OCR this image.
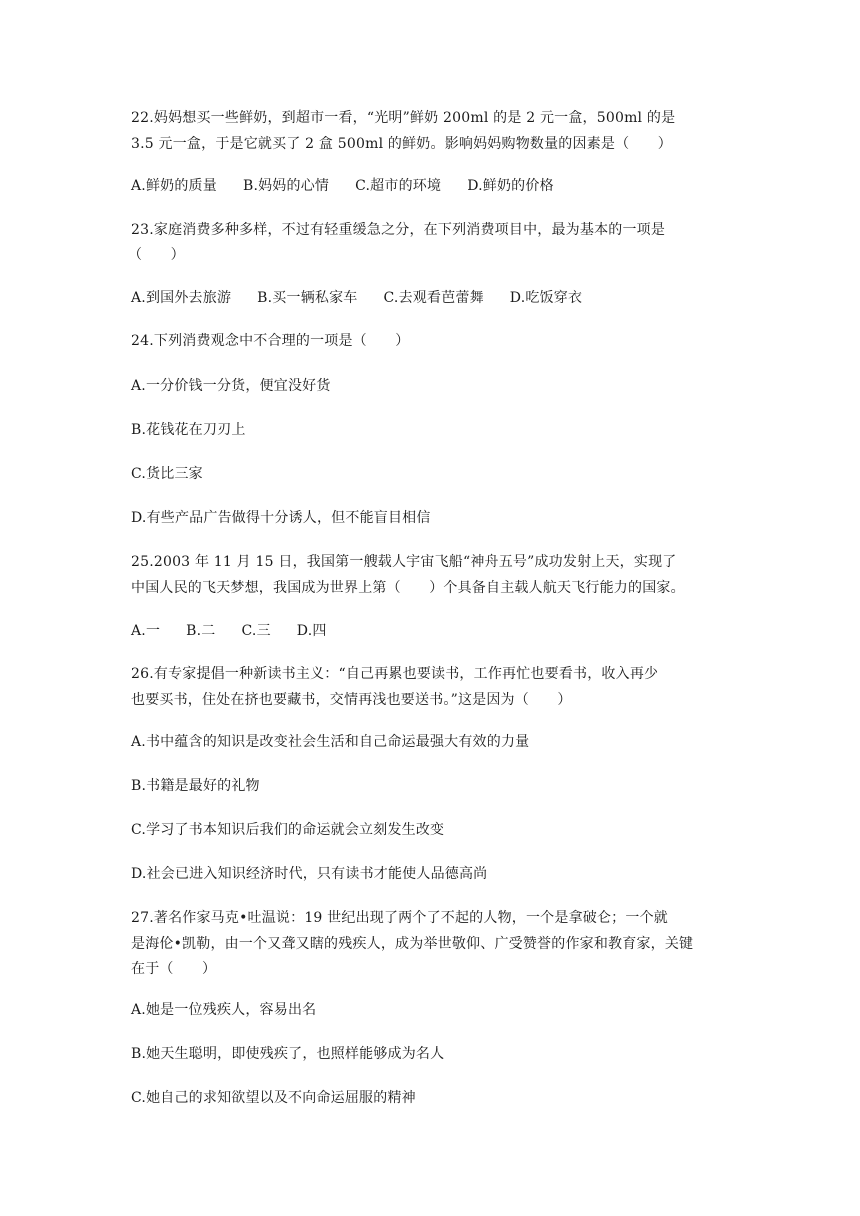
22.妈妈想买一些鲜奶，到超市一看，“光明”鲜奶 200ml 的是 2 元一盒，500ml 的是
3.5 元一盒，于是它就买了 2 盒 500ml 的鲜奶。影响妈妈购物数量的因素是（　　）
A.鲜奶的质量 B.妈妈的心情 C.超市的环境 D.鲜奶的价格
23.家庭消费多种多样，不过有轻重缓急之分，在下列消费项目中，最为基本的一项是
（　　）
A.到国外去旅游 B.买一辆私家车 C.去观看芭蕾舞 D.吃饭穿衣
24.下列消费观念中不合理的一项是（　　）
A.一分价钱一分货，便宜没好货
B.花钱花在刀刃上
C.货比三家
D.有些产品广告做得十分诱人，但不能盲目相信
25.2003 年 11 月 15 日，我国第一艘载人宇宙飞船“神舟五号”成功发射上天，实现了
中国人民的飞天梦想，我国成为世界上第（　　）个具备自主载人航天飞行能力的国家。
A.一 B.二 C.三 D.四
26.有专家提倡一种新读书主义：“自己再累也要读书，工作再忙也要看书，收入再少
也要买书，住处在挤也要藏书，交情再浅也要送书。”这是因为（　　）
A.书中蕴含的知识是改变社会生活和自己命运最强大有效的力量
B.书籍是最好的礼物
C.学习了书本知识后我们的命运就会立刻发生改变
D.社会已进入知识经济时代，只有读书才能使人品德高尚
27.著名作家马克•吐温说：19 世纪出现了两个了不起的人物，一个是拿破仑；一个就
是海伦•凯勒，由一个又聋又瞎的残疾人，成为举世敬仰、广受赞誉的作家和教育家，关键
在于（　　）
A.她是一位残疾人，容易出名
B.她天生聪明，即使残疾了，也照样能够成为名人
C.她自己的求知欲望以及不向命运屈服的精神
